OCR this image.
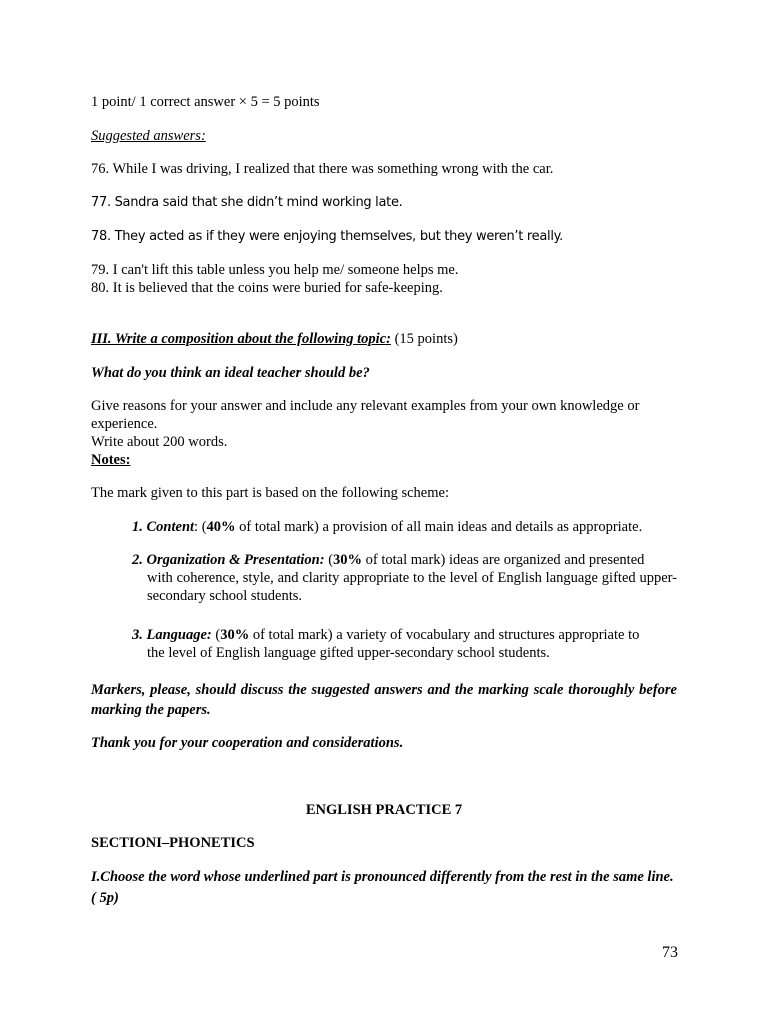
1 point/ 1 correct answer × 5 = 5 points

Suggested answers:

76. While I was driving, I realized that there was something wrong with the car.

77. Sandra said that she didn’t mind working late.

78. They acted as if they were enjoying themselves, but they weren’t really.

79. I can't lift this table unless you help me/ someone helps me.

80. It is believed that the coins were buried for safe-keeping.

III. Write a composition about the following topic: (15 points)

What do you think an ideal teacher should be?

Give reasons for your answer and include any relevant examples from your own knowledge or experience.

Write about 200 words.

Notes:

The mark given to this part is based on the following scheme:

1. Content: (40% of total mark) a provision of all main ideas and details as appropriate.

2. Organization & Presentation: (30% of total mark) ideas are organized and presented
with coherence, style, and clarity appropriate to the level of English language gifted upper-secondary school students.

3. Language: (30% of total mark) a variety of vocabulary and structures appropriate to
the level of English language gifted upper-secondary school students.

Markers, please, should discuss the suggested answers and the marking scale thoroughly before marking the papers.

Thank you for your cooperation and considerations.

ENGLISH PRACTICE 7

SECTIONI–PHONETICS

I.Choose the word whose underlined part is pronounced differently from the rest in the same line.( 5p)

73
